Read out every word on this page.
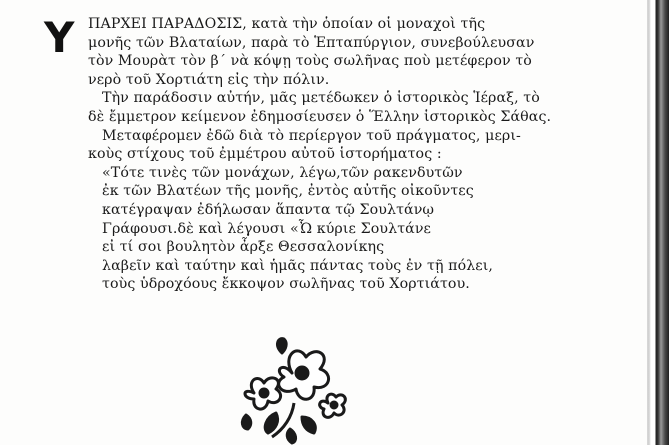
Υ ΠΑΡΧΕΙ ΠΑΡΑΔΟΣΙΣ, κατὰ τὴν ὁποίαν οἱ μοναχοὶ τῆς
μονῆς τῶν Βλαταίων, παρὰ τὸ Ἑπταπύργιον, συνεβούλευσαν
τὸν Μουρὰτ τὸν β΄ νὰ κόψῃ τοὺς σωλῆνας ποὺ μετέφερον τὸ
νερὸ τοῦ Χορτιάτη εἰς τὴν πόλιν.
Τὴν παράδοσιν αὐτήν, μᾶς μετέδωκεν ὁ ἱστορικὸς Ἱέραξ, τὸ
δὲ ἔμμετρον κείμενον ἐδημοσίευσεν ὁ Ἕλλην ἱστορικὸς Σάθας.
Μεταφέρομεν ἐδῶ διὰ τὸ περίεργον τοῦ πράγματος, μερι-
κοὺς στίχους τοῦ ἐμμέτρου αὐτοῦ ἱστορήματος :
«Τότε τινὲς τῶν μονάχων, λέγω,τῶν ρακενδυτῶν
ἐκ τῶν Βλατέων τῆς μονῆς, ἐντὸς αὐτῆς οἰκοῦντες
κατέγραψαν ἐδήλωσαν ἅπαντα τῷ Σουλτάνῳ
Γράφουσι.δὲ καὶ λέγουσι «Ὦ κύριε Σουλτάνε
εἰ τί σοι βουλητὸν ἆρξε Θεσσαλονίκης
λαβεῖν καὶ ταύτην καὶ ἡμᾶς πάντας τοὺς ἐν τῇ πόλει,
τοὺς ὑδροχόους ἔκκοψον σωλῆνας τοῦ Χορτιάτου.
